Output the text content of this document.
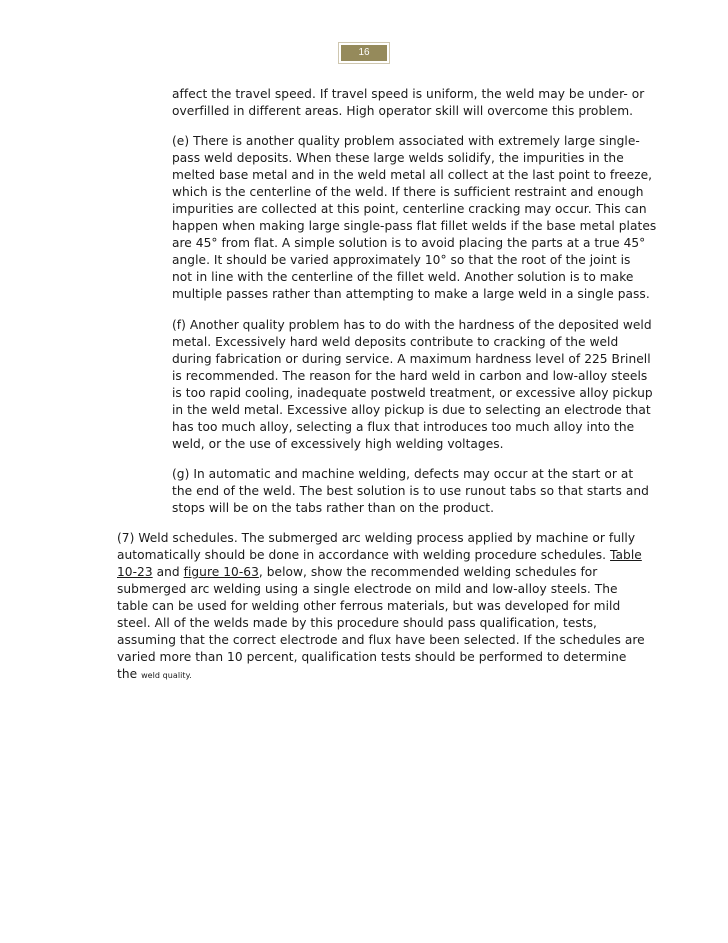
16

affect the travel speed. If travel speed is uniform, the weld may be under- or

overfilled in different areas. High operator skill will overcome this problem.

(e) There is another quality problem associated with extremely large single-

pass weld deposits. When these large welds solidify, the impurities in the

melted base metal and in the weld metal all collect at the last point to freeze,

which is the centerline of the weld. If there is sufficient restraint and enough

impurities are collected at this point, centerline cracking may occur. This can

happen when making large single-pass flat fillet welds if the base metal plates

are 45° from flat. A simple solution is to avoid placing the parts at a true 45°

angle. It should be varied approximately 10° so that the root of the joint is

not in line with the centerline of the fillet weld. Another solution is to make

multiple passes rather than attempting to make a large weld in a single pass.

(f) Another quality problem has to do with the hardness of the deposited weld

metal. Excessively hard weld deposits contribute to cracking of the weld

during fabrication or during service. A maximum hardness level of 225 Brinell

is recommended. The reason for the hard weld in carbon and low-alloy steels

is too rapid cooling, inadequate postweld treatment, or excessive alloy pickup

in the weld metal. Excessive alloy pickup is due to selecting an electrode that

has too much alloy, selecting a flux that introduces too much alloy into the

weld, or the use of excessively high welding voltages.

(g) In automatic and machine welding, defects may occur at the start or at

the end of the weld. The best solution is to use runout tabs so that starts and

stops will be on the tabs rather than on the product.

(7) Weld schedules. The submerged arc welding process applied by machine or fully

automatically should be done in accordance with welding procedure schedules. Table

10-23 and figure 10-63, below, show the recommended welding schedules for

submerged arc welding using a single electrode on mild and low-alloy steels. The

table can be used for welding other ferrous materials, but was developed for mild

steel. All of the welds made by this procedure should pass qualification, tests,

assuming that the correct electrode and flux have been selected. If the schedules are

varied more than 10 percent, qualification tests should be performed to determine

the weld quality.
